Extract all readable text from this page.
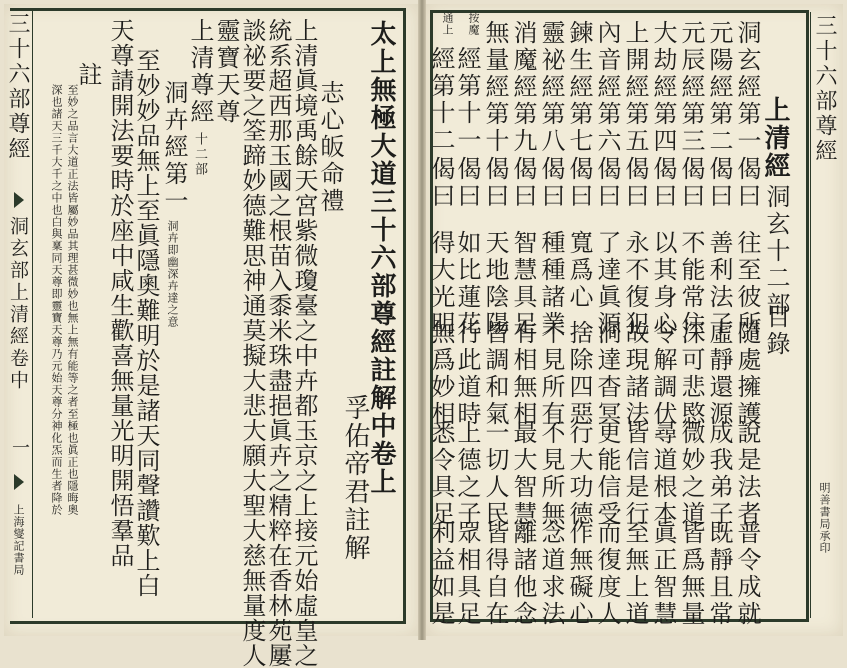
太上無極大道三十六部尊經註解中卷上
孚佑帝君註解
志心皈命禮
上清眞境禹餘天宮紫微瓊臺之中𠦄都玉京之上接元始虛皇之
統系超西那玉國之根苗入黍米珠盡挹眞𠦄之精粹在香林苑屢
談祕要之筌蹄妙德難思神通莫擬大悲大願大聖大慈無量度人
靈寶天尊
上清尊經
十二部
洞𠦄經第一
洞𠦄即幽深𠦄達之意
至妙妙品無上至眞隱奧難明於是諸天同聲讚歎上白
天尊請開法要時於座中咸生歡喜無量光明開悟羣品
註
至妙之品言大道正法皆屬妙品其理甚微妙也無上無有能等之者至極也眞正也隱晦奧
深也諸天三千大千之中也白與稟同天尊即靈寶天尊乃元始天尊分神化炁而生者降於
三十六部尊經
洞玄部上清經卷中
一
上海燮記書局
三十六部尊經
明善書局承印
上清經
洞玄十二部
目錄
洞玄經第一
偈曰
往至彼所
隨處擁護
說是法者
普令成就
元陽經第二
偈曰
善利法子
虛靜還源
成我弟子
既靜且常
元辰經第三
偈曰
不能常住
深可悲愍
微妙之道
皆爲無量
大劫經第四
偈曰
以其身心
令解調伏
尋道根本
眞正智慧
上開經第五
偈曰
永不復犯
故現諸法
皆信是行
至無上道
內音經第六
偈曰
了達眞源
洞達杳冥
更能信受
而復度人
鍊生經第七
偈曰
寬爲心
捨除四惡
行大功德
作無礙心
靈祕經第八
偈曰
種種諸業
不見所有
不見所無
念道求法
消魔經第九
偈曰
智慧具足
有相無相
最大智慧
離諸他念
無量經第十
偈曰
天地陰陽
皆調和氣
一切人民
皆得自在
按魔
經第十一
偈曰
如比蓮花
行此道時
上德之子
眾相具足
通上
經第十二
偈曰
得大光明
無爲妙相
悉令具足
利益如是
